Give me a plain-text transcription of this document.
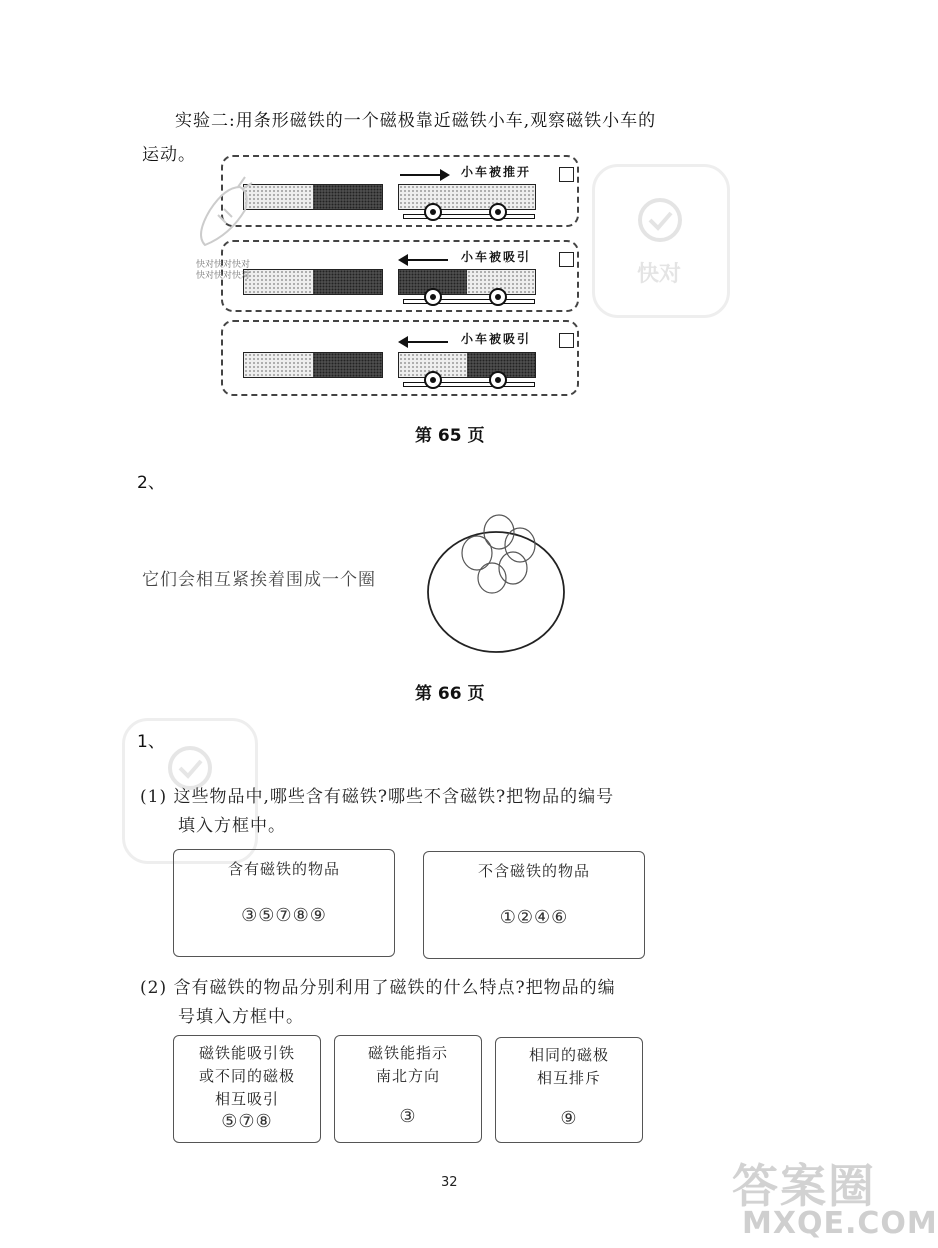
实验二:用条形磁铁的一个磁极靠近磁铁小车,观察磁铁小车的
运动。
小车被推开
小车被吸引
小车被吸引
快对快对快对
快对快对快对	快对
第 65 页
2、
它们会相互紧挨着围成一个圈
第 66 页
1、
(1) 这些物品中,哪些含有磁铁?哪些不含磁铁?把物品的编号
填入方框中。
含有磁铁的物品
③⑤⑦⑧⑨
不含磁铁的物品
①②④⑥
(2) 含有磁铁的物品分别利用了磁铁的什么特点?把物品的编
号填入方框中。
磁铁能吸引铁
或不同的磁极
相互吸引
⑤⑦⑧
磁铁能指示
南北方向
③
相同的磁极
相互排斥
⑨
32	答案圈
MXQE.COM
